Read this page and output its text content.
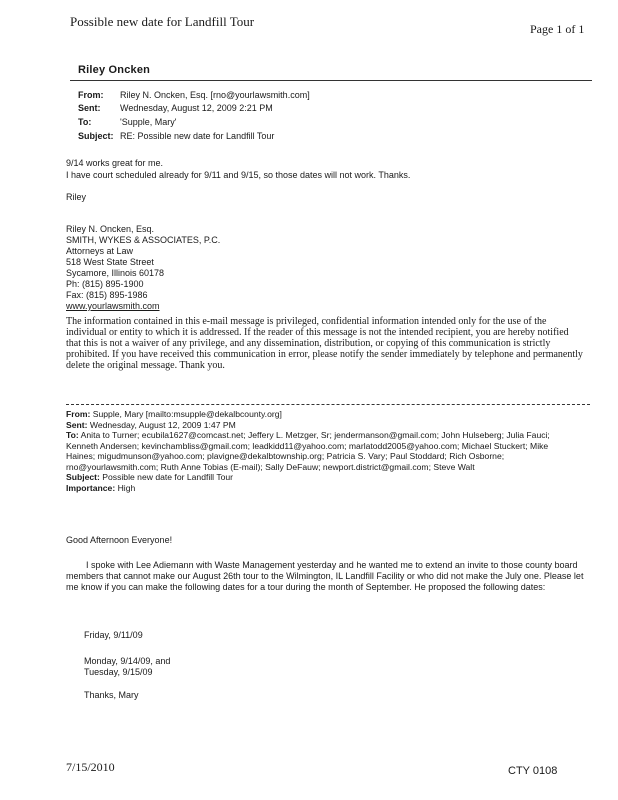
Possible new date for Landfill Tour	Page 1 of 1
Riley Oncken
From: Riley N. Oncken, Esq. [rno@yourlawsmith.com]
Sent: Wednesday, August 12, 2009 2:21 PM
To:	'Supple, Mary'
Subject: RE: Possible new date for Landfill Tour
9/14 works great for me.
I have court scheduled already for 9/11 and 9/15, so those dates will not work. Thanks.
Riley
Riley N. Oncken, Esq.
SMITH, WYKES & ASSOCIATES, P.C.
Attorneys at Law
518 West State Street
Sycamore, Illinois 60178
Ph: (815) 895-1900
Fax: (815) 895-1986
www.yourlawsmith.com

The information contained in this e-mail message is privileged, confidential information intended only for the use of the individual or entity to which it is addressed. If the reader of this message is not the intended recipient, you are hereby notified that this is not a waiver of any privilege, and any dissemination, distribution, or copying of this communication is strictly prohibited. If you have received this communication in error, please notify the sender immediately by telephone and permanently delete the original message. Thank you.

From: Supple, Mary [mailto:msupple@dekalbcounty.org]
Sent: Wednesday, August 12, 2009 1:47 PM
To: Anita to Turner; ecubila1627@comcast.net; Jeffery L. Metzger, Sr; jendermanson@gmail.com; John Hulseberg; Julia Fauci; Kenneth Andersen; kevinchambliss@gmail.com; leadkidd11@yahoo.com; marlatodd2005@yahoo.com; Michael Stuckert; Mike Haines; migudmunson@yahoo.com; plavigne@dekalbtownship.org; Patricia S. Vary; Paul Stoddard; Rich Osborne; rno@yourlawsmith.com; Ruth Anne Tobias (E-mail); Sally DeFauw; newport.district@gmail.com; Steve Walt
Subject: Possible new date for Landfill Tour
Importance: High
Good Afternoon Everyone!
I spoke with Lee Adiemann with Waste Management yesterday and he wanted me to extend an invite to those county board members that cannot make our August 26th tour to the Wilmington, IL Landfill Facility or who did not make the July one. Please let me know if you can make the following dates for a tour during the month of September. He proposed the following dates:
Friday, 9/11/09
Monday, 9/14/09, and
Tuesday, 9/15/09
Thanks, Mary
7/15/2010	CTY 0108
